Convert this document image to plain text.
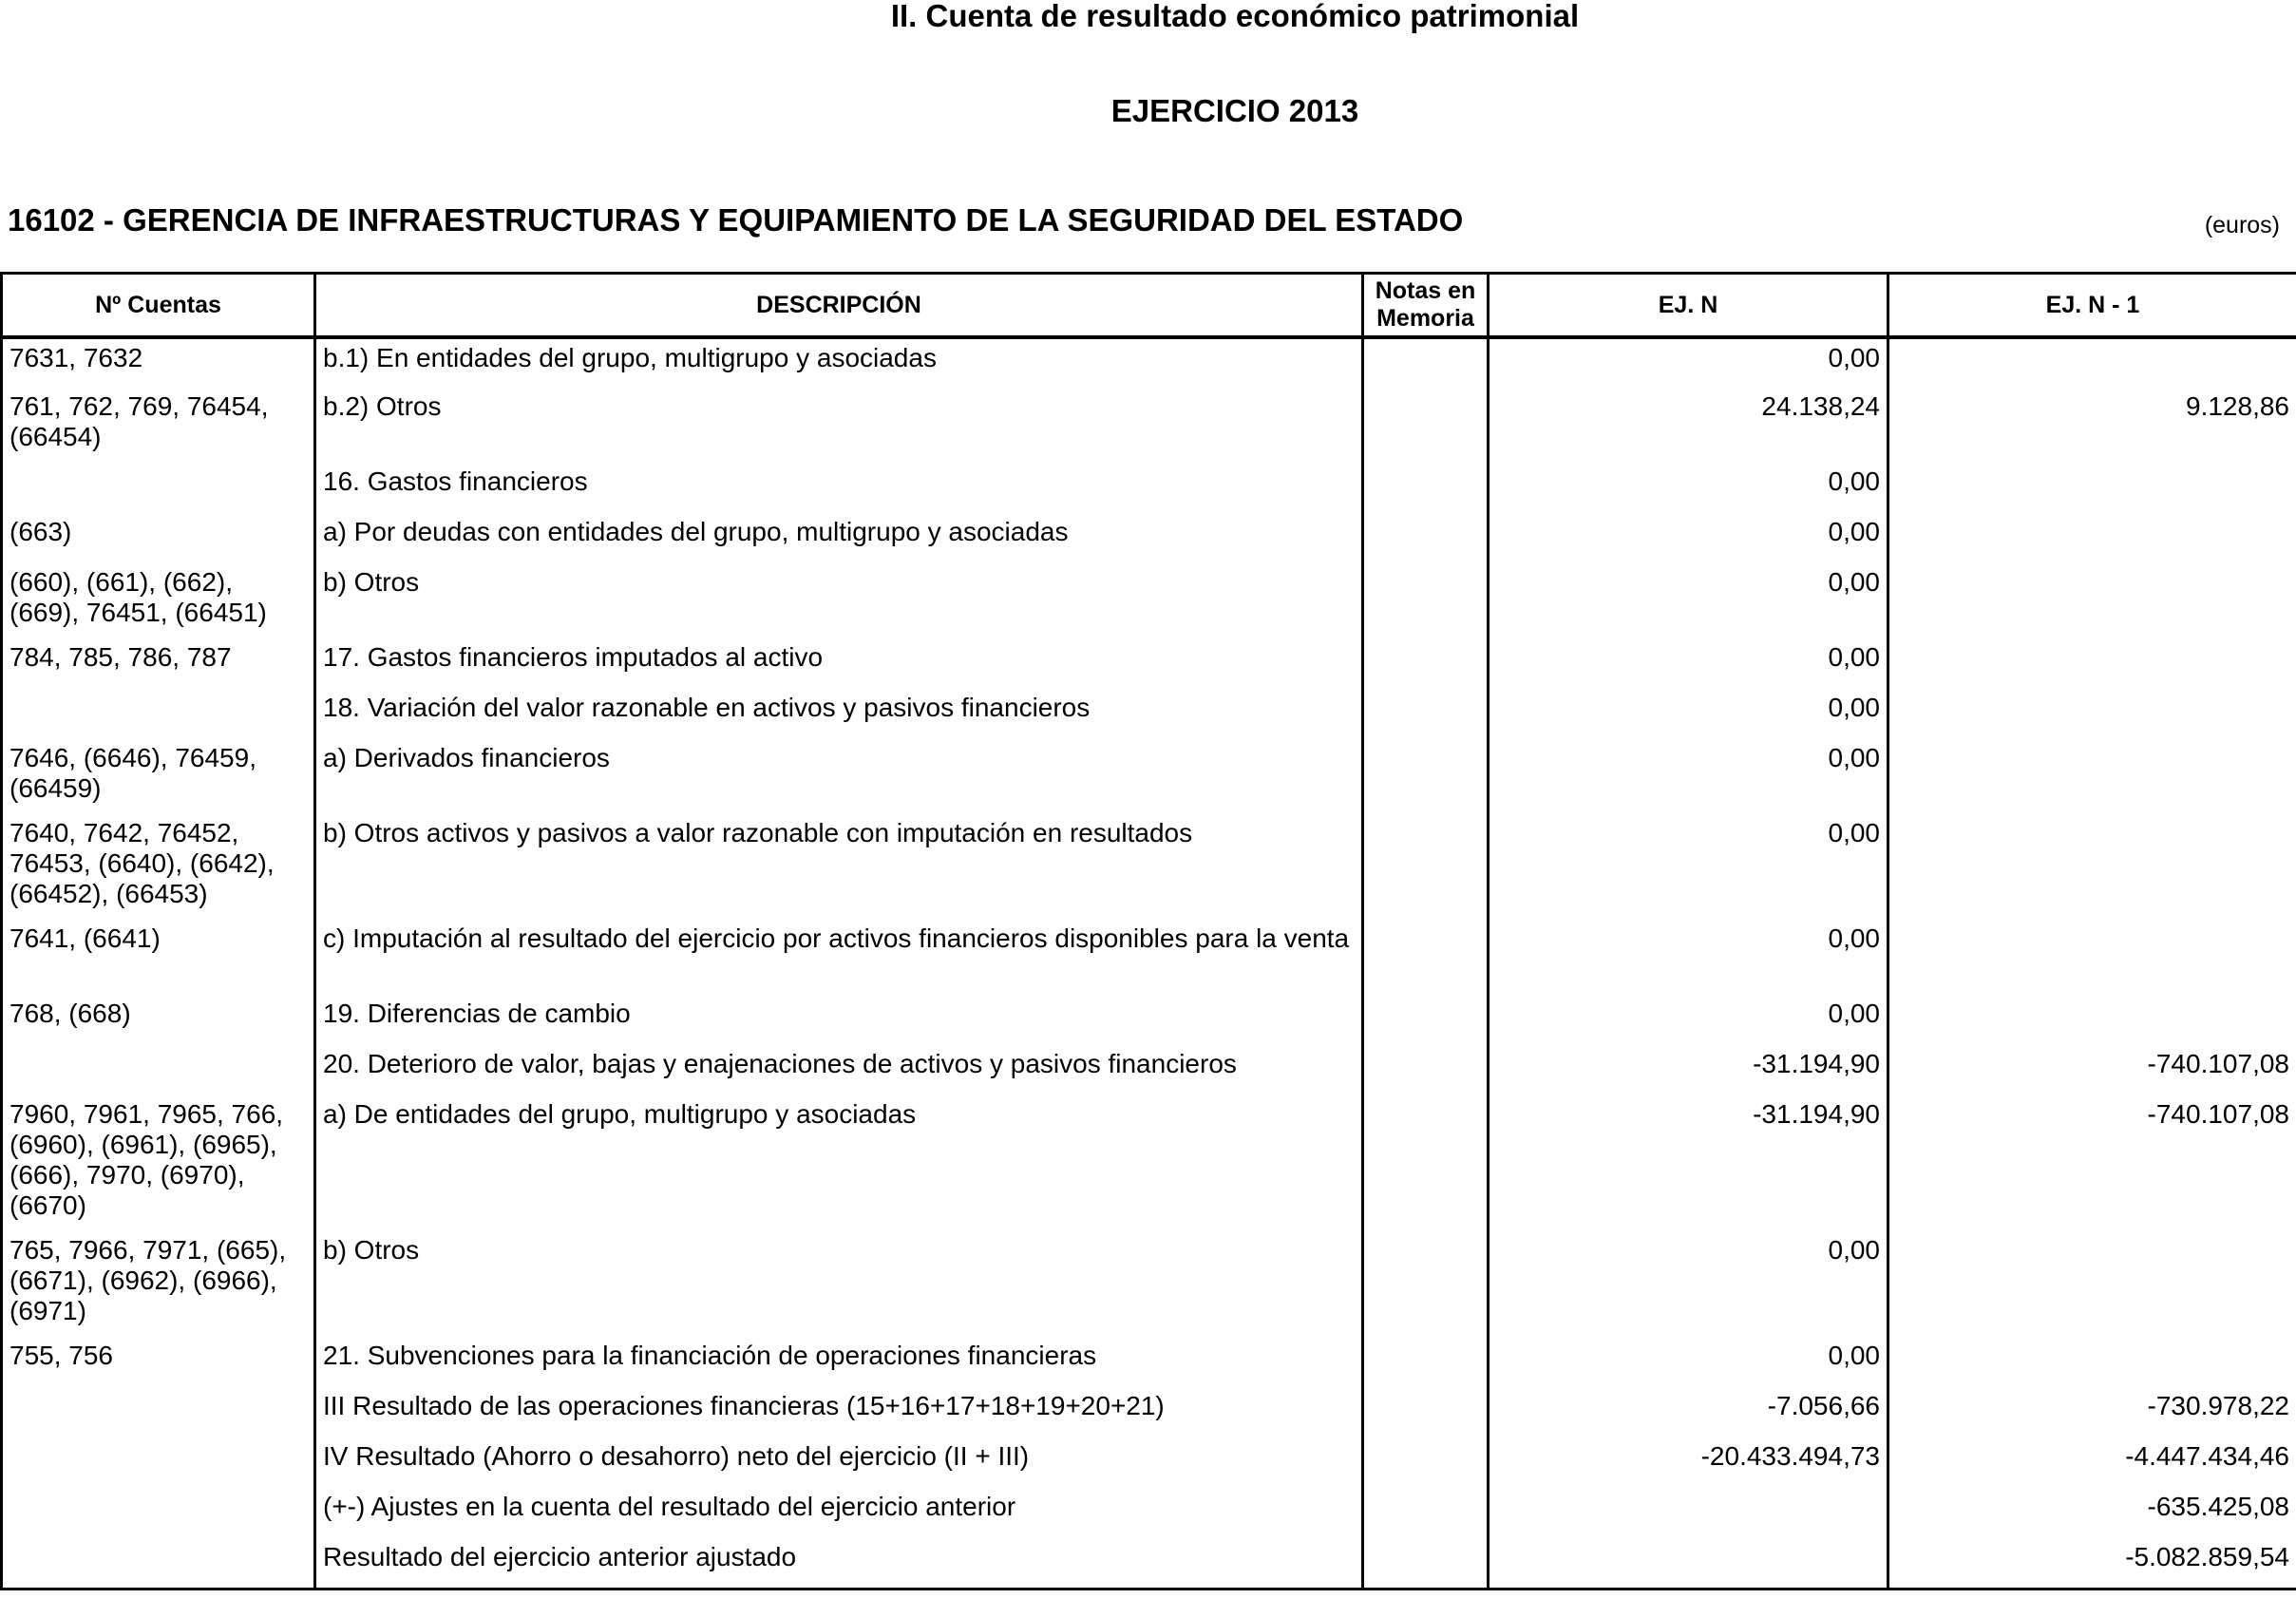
II. Cuenta de resultado económico patrimonial
EJERCICIO 2013
16102 - GERENCIA DE INFRAESTRUCTURAS Y EQUIPAMIENTO DE LA SEGURIDAD DEL ESTADO	(euros)
Nº Cuentas	DESCRIPCIÓN	Notas en Memoria	EJ. N	EJ. N - 1
7631, 7632	b.1) En entidades del grupo, multigrupo y asociadas		0,00	
761, 762, 769, 76454, (66454)	b.2) Otros		24.138,24	9.128,86
	16. Gastos financieros		0,00	
(663)	a) Por deudas con entidades del grupo, multigrupo y asociadas		0,00	
(660), (661), (662), (669), 76451, (66451)	b) Otros		0,00	
784, 785, 786, 787	17. Gastos financieros imputados al activo		0,00	
	18. Variación del valor razonable en activos y pasivos financieros		0,00	
7646, (6646), 76459, (66459)	a) Derivados financieros		0,00	
7640, 7642, 76452, 76453, (6640), (6642), (66452), (66453)	b) Otros activos y pasivos a valor razonable con imputación en resultados		0,00	
7641, (6641)	c) Imputación al resultado del ejercicio por activos financieros disponibles para la venta		0,00	
768, (668)	19. Diferencias de cambio		0,00	
	20. Deterioro de valor, bajas y enajenaciones de activos y pasivos financieros		-31.194,90	-740.107,08
7960, 7961, 7965, 766, (6960), (6961), (6965), (666), 7970, (6970), (6670)	a) De entidades del grupo, multigrupo y asociadas		-31.194,90	-740.107,08
765, 7966, 7971, (665), (6671), (6962), (6966), (6971)	b) Otros		0,00	
755, 756	21. Subvenciones para la financiación de operaciones financieras		0,00	
	III Resultado de las operaciones financieras (15+16+17+18+19+20+21)		-7.056,66	-730.978,22
	IV Resultado (Ahorro o desahorro) neto del ejercicio (II + III)		-20.433.494,73	-4.447.434,46
	(+-) Ajustes en la cuenta del resultado del ejercicio anterior			-635.425,08
	Resultado del ejercicio anterior ajustado			-5.082.859,54
